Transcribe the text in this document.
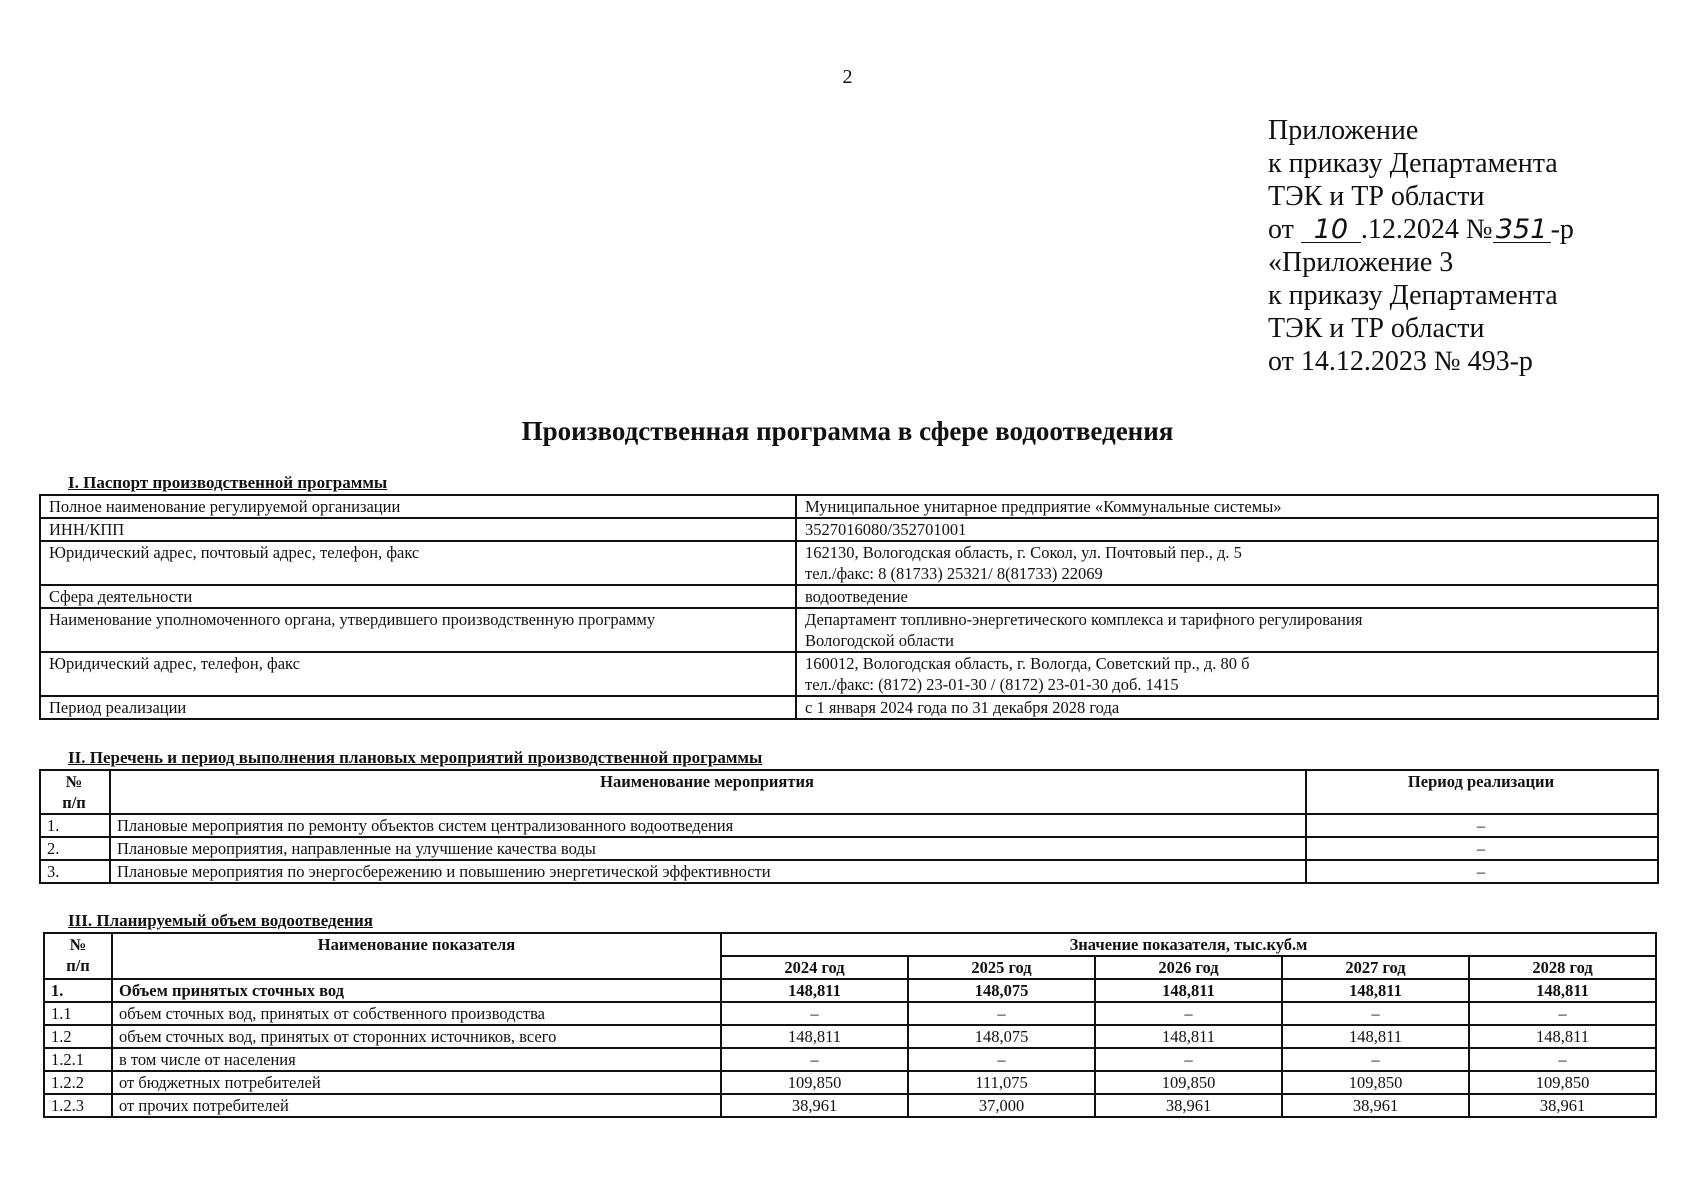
2
Приложение
к приказу Департамента
ТЭК и ТР области
от 10 .12.2024 № 351 -р
«Приложение 3
к приказу Департамента
ТЭК и ТР области
от 14.12.2023 № 493-р
Производственная программа в сфере водоотведения
I. Паспорт производственной программы
Полное наименование регулируемой организации	Муниципальное унитарное предприятие «Коммунальные системы»
ИНН/КПП	3527016080/352701001
Юридический адрес, почтовый адрес, телефон, факс	162130, Вологодская область, г. Сокол, ул. Почтовый пер., д. 5
тел./факс: 8 (81733) 25321/ 8(81733) 22069

Сфера деятельности	водоотведение
Наименование уполномоченного органа, утвердившего производственную программу	Департамент топливно-энергетического комплекса и тарифного регулирования
Вологодской области

Юридический адрес, телефон, факс	160012, Вологодская область, г. Вологда, Советский пр., д. 80 б
тел./факс: (8172) 23-01-30 / (8172) 23-01-30 доб. 1415

Период реализации	с 1 января 2024 года по 31 декабря 2028 года
II. Перечень и период выполнения плановых мероприятий производственной программы
№
п/п	Наименование мероприятия	Период реализации
1.	Плановые мероприятия по ремонту объектов систем централизованного водоотведения	–
2.	Плановые мероприятия, направленные на улучшение качества воды	–
3.	Плановые мероприятия по энергосбережению и повышению энергетической эффективности	–
III. Планируемый объем водоотведения
№
п/п	Наименование показателя	Значение показателя, тыс.куб.м				
		2024 год	2025 год	2026 год	2027 год	2028 год
1.	Объем принятых сточных вод	148,811	148,075	148,811	148,811	148,811
1.1	объем сточных вод, принятых от собственного производства	–	–	–	–	–
1.2	объем сточных вод, принятых от сторонних источников, всего	148,811	148,075	148,811	148,811	148,811
1.2.1	в том числе от населения	–	–	–	–	–
1.2.2	от бюджетных потребителей	109,850	111,075	109,850	109,850	109,850
1.2.3	от прочих потребителей	38,961	37,000	38,961	38,961	38,961
